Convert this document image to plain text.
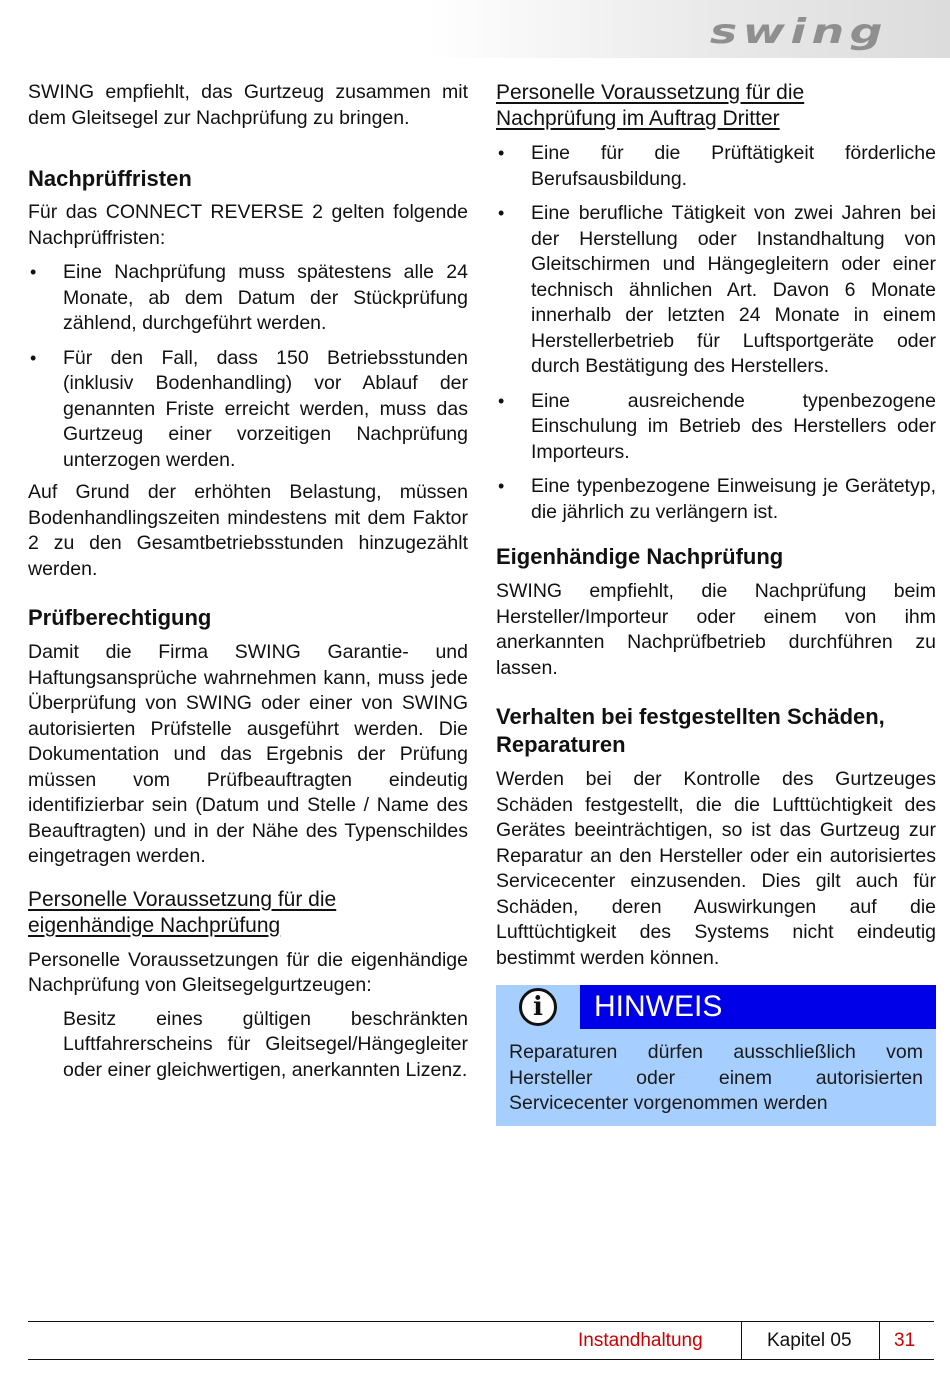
swing

SWING empfiehlt, das Gurtzeug zusammen mit dem Gleitsegel zur Nachprüfung zu bringen.

Nachprüffristen

Für das CONNECT REVERSE 2 gelten folgende Nachprüffristen:

• Eine Nachprüfung muss spätestens alle 24 Monate, ab dem Datum der Stückprüfung zählend, durchgeführt werden.
• Für den Fall, dass 150 Betriebsstunden (inklusiv Bodenhandling) vor Ablauf der genannten Friste erreicht werden, muss das Gurtzeug einer vorzeitigen Nachprüfung unterzogen werden.

Auf Grund der erhöhten Belastung, müssen Bodenhandlingszeiten mindestens mit dem Faktor 2 zu den Gesamtbetriebsstunden hinzugezählt werden.

Prüfberechtigung

Damit die Firma SWING Garantie- und Haftungsansprüche wahrnehmen kann, muss jede Überprüfung von SWING oder einer von SWING autorisierten Prüfstelle ausgeführt werden. Die Dokumentation und das Ergebnis der Prüfung müssen vom Prüfbeauftragten eindeutig identifizierbar sein (Datum und Stelle / Name des Beauftragten) und in der Nähe des Typenschildes eingetragen werden.

Personelle Voraussetzung für die
eigenhändige Nachprüfung

Personelle Voraussetzungen für die eigenhändige Nachprüfung von Gleitsegelgurtzeugen:

Besitz eines gültigen beschränkten Luftfahrerscheins für Gleitsegel/Hängegleiter oder einer gleichwertigen, anerkannten Lizenz.

Personelle Voraussetzung für die
Nachprüfung im Auftrag Dritter
• Eine für die Prüftätigkeit förderliche Berufsausbildung.
• Eine berufliche Tätigkeit von zwei Jahren bei der Herstellung oder Instandhaltung von Gleitschirmen und Hängegleitern oder einer technisch ähnlichen Art. Davon 6 Monate innerhalb der letzten 24 Monate in einem Herstellerbetrieb für Luftsportgeräte oder durch Bestätigung des Herstellers.
• Eine ausreichende typenbezogene Einschulung im Betrieb des Herstellers oder Importeurs.
• Eine typenbezogene Einweisung je Gerätetyp, die jährlich zu verlängern ist.
Eigenhändige Nachprüfung

SWING empfiehlt, die Nachprüfung beim Hersteller/Importeur oder einem von ihm anerkannten Nachprüfbetrieb durchführen zu lassen.

Verhalten bei festgestellten Schäden, Reparaturen

Werden bei der Kontrolle des Gurtzeuges Schäden festgestellt, die die Lufttüchtigkeit des Gerätes beeinträchtigen, so ist das Gurtzeug zur Reparatur an den Hersteller oder ein autorisiertes Servicecenter einzusenden. Dies gilt auch für Schäden, deren Auswirkungen auf die Lufttüchtigkeit des Systems nicht eindeutig bestimmt werden können.

i	HINWEIS

Reparaturen dürfen ausschließlich vom Hersteller oder einem autorisierten Servicecenter vorgenommen werden

Instandhaltung	Kapitel 05 31
